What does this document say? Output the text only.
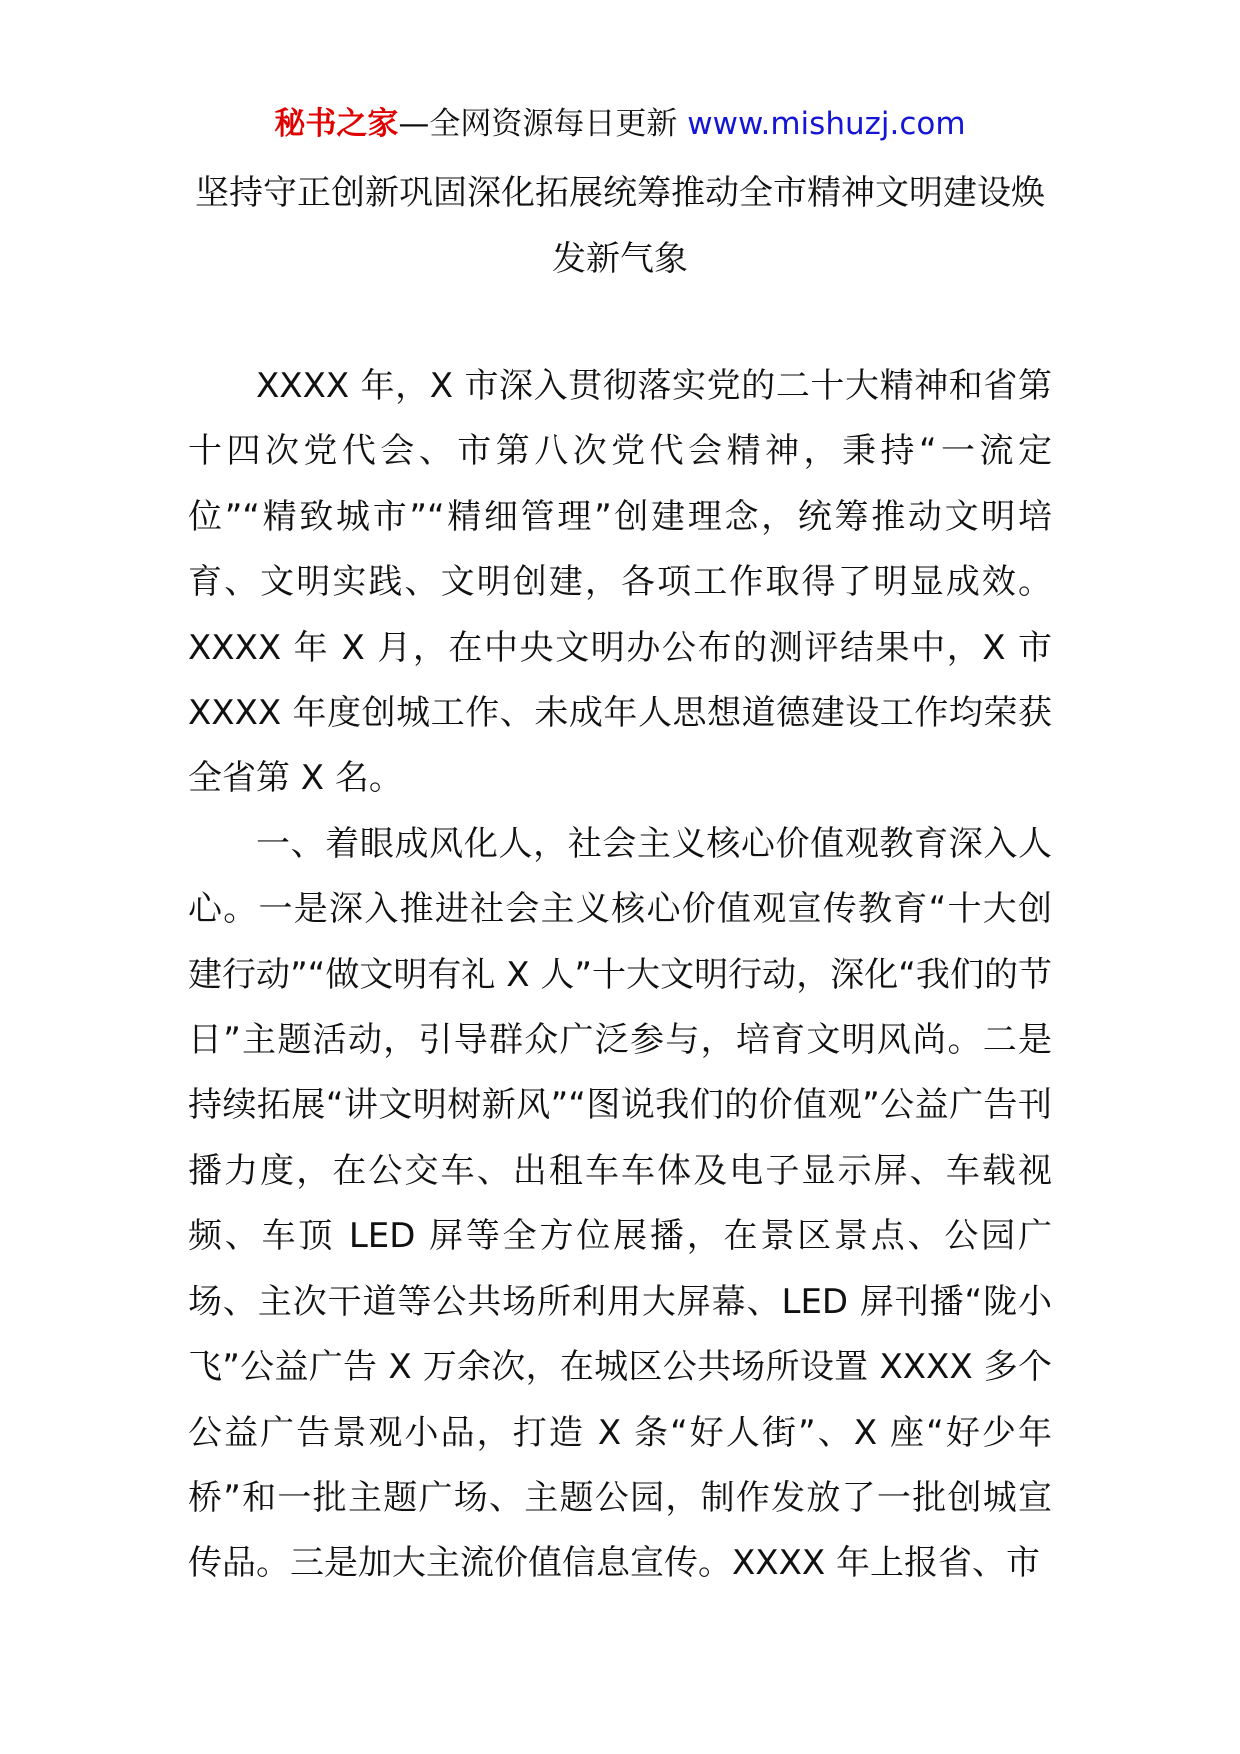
秘书之家—全网资源每日更新 www.mishuzj.com
坚持守正创新巩固深化拓展统筹推动全市精神文明建设焕发新气象

XXXX 年，X 市深入贯彻落实党的二十大精神和省第十四次党代会、市第八次党代会精神，秉持“一流定位”“精致城市”“精细管理”创建理念，统筹推动文明培育、文明实践、文明创建，各项工作取得了明显成效。XXXX 年 X 月，在中央文明办公布的测评结果中，X 市 XXXX 年度创城工作、未成年人思想道德建设工作均荣获全省第 X 名。

一、着眼成风化人，社会主义核心价值观教育深入人心。一是深入推进社会主义核心价值观宣传教育“十大创建行动”“做文明有礼 X 人”十大文明行动，深化“我们的节日”主题活动，引导群众广泛参与，培育文明风尚。二是持续拓展“讲文明树新风”“图说我们的价值观”公益广告刊播力度，在公交车、出租车车体及电子显示屏、车载视频、车顶 LED 屏等全方位展播，在景区景点、公园广场、主次干道等公共场所利用大屏幕、LED 屏刊播“陇小飞”公益广告 X 万余次，在城区公共场所设置 XXXX 多个公益广告景观小品，打造 X 条“好人街”、X 座“好少年桥”和一批主题广场、主题公园，制作发放了一批创城宣传品。三是加大主流价值信息宣传。XXXX 年上报省、市
